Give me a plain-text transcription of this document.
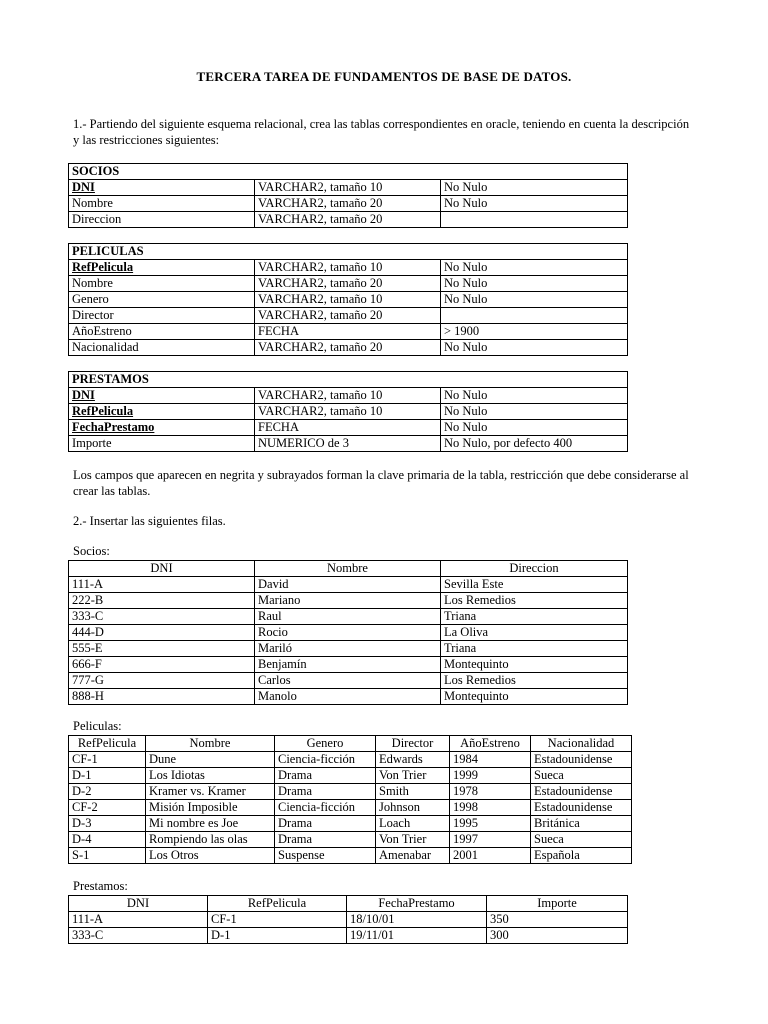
TERCERA TAREA DE FUNDAMENTOS DE BASE DE DATOS.
1.- Partiendo del siguiente esquema relacional, crea las tablas correspondientes en oracle, teniendo en cuenta la descripción y las restricciones siguientes:
SOCIOS		
DNI	VARCHAR2, tamaño 10	No Nulo
Nombre	VARCHAR2, tamaño 20	No Nulo
Direccion	VARCHAR2, tamaño 20	
PELICULAS		
RefPelicula	VARCHAR2, tamaño 10	No Nulo
Nombre	VARCHAR2, tamaño 20	No Nulo
Genero	VARCHAR2, tamaño 10	No Nulo
Director	VARCHAR2, tamaño 20	
AñoEstreno	FECHA	> 1900
Nacionalidad	VARCHAR2, tamaño 20	No Nulo
PRESTAMOS		
DNI	VARCHAR2, tamaño 10	No Nulo
RefPelicula	VARCHAR2, tamaño 10	No Nulo
FechaPrestamo	FECHA	No Nulo
Importe	NUMERICO de 3	No Nulo, por defecto 400
Los campos que aparecen en negrita y subrayados forman la clave primaria de la tabla, restricción que debe considerarse al crear las tablas.
2.- Insertar las siguientes filas.
Socios:
DNI	Nombre	Direccion
111-A	David	Sevilla Este
222-B	Mariano	Los Remedios
333-C	Raul	Triana
444-D	Rocio	La Oliva
555-E	Mariló	Triana
666-F	Benjamín	Montequinto
777-G	Carlos	Los Remedios
888-H	Manolo	Montequinto
Peliculas:
RefPelicula	Nombre	Genero	Director	AñoEstreno	Nacionalidad
CF-1	Dune	Ciencia-ficción	Edwards	1984	Estadounidense
D-1	Los Idiotas	Drama	Von Trier	1999	Sueca
D-2	Kramer vs. Kramer	Drama	Smith	1978	Estadounidense
CF-2	Misión Imposible	Ciencia-ficción	Johnson	1998	Estadounidense
D-3	Mi nombre es Joe	Drama	Loach	1995	Británica
D-4	Rompiendo las olas	Drama	Von Trier	1997	Sueca
S-1	Los Otros	Suspense	Amenabar	2001	Española
Prestamos:
DNI	RefPelicula	FechaPrestamo	Importe
111-A	CF-1	18/10/01	350
333-C	D-1	19/11/01	300
